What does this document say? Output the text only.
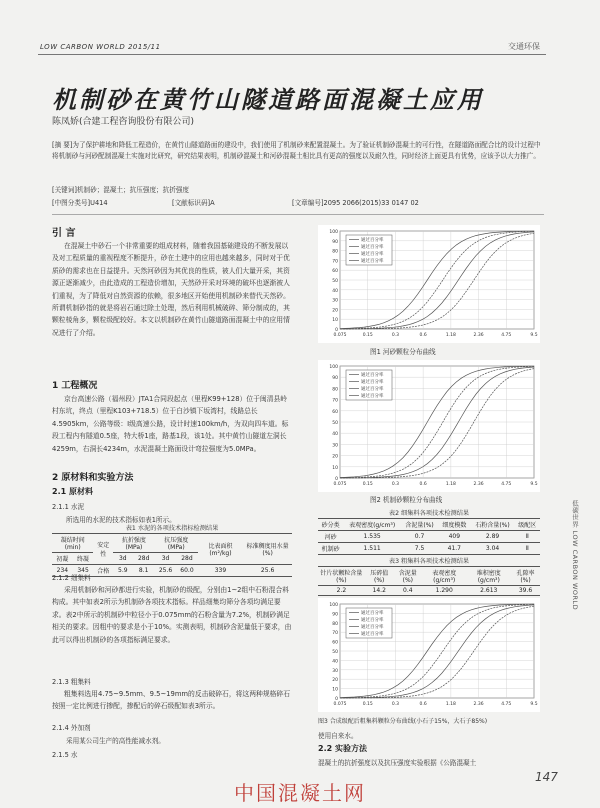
LOW CARBON WORLD 2015/11	交通环保
机制砂在黄竹山隧道路面混凝土应用
陈凤娇(合建工程咨询股份有限公司)
[摘 要]为了保护耕地和降低工程造价，在黄竹山隧道路面的建设中，我们使用了机制砂来配置混凝土。为了验证机制砂混凝土的可行性，在隧道路面配合比的设计过程中将机制砂与河砂配制混凝土实施对比研究，研究结果表明，机制砂混凝土和河砂混凝土相比具有更高的强度以及耐久性，同时经济上面更具有优势，应该予以大力推广。
[关键词]机制砂；混凝土；抗压强度；抗折强度
[中图分类号]U414	[文献标识码]A	[文章编号]2095 2066(2015)33 0147 02
引 言
在混凝土中砂石一个非常重要的组成材料，随着我国基础建设的不断发展以及对工程质量的重视程度不断提升，砂在土建中的应用也越来越多，同时对于优质砂的需求也在日益提升。天然河砂因为其优良的性质，被人们大量开采，其资源正逐渐减少，由此造成的工程造价增加，天然砂开采对环境的破坏也逐渐被人们重视，为了降低对自然资源的依赖，很多地区开始使用机制砂来替代天然砂。所谓机制砂指的就是将岩石通过除土处理，然后利用机械破碎、筛分制成的，其颗粒棱角多，颗粒级配较好。本文以机制砂在黄竹山隧道路面混凝土中的应用情况进行了介绍。
1 工程概况
京台高速公路（福州段）JTA1合同段起点（里程K99+128）位于闽清县岭村东坑，终点（里程K103+718.5）位于白沙镇下坂湾村，线路总长4.5905km，公路等级：I级高速公路，设计时速100km/h，为双向四车道。标段工程内有隧道0.5座，特大桥1座，路基1段，该1处。其中黄竹山隧道左洞长4259m，右洞长4234m，水泥混凝土路面设计弯拉强度为5.0MPa。
2 原材料和实验方法
2.1 原材料
2.1.1 水泥
所选用的水泥的技术指标如表1所示。
表1 水泥的各项技术指标检测结果
凝结时间(min)		安定性	抗折强度(MPa)		抗压强度(MPa)		比表面积(m²/kg)	标准稠度用水量(%)
初凝	终凝		3d	28d	3d	28d		
234	345	合格	5.9	8.1	25.6	60.0	339	25.6
2.1.2 细集料
采用机制砂和河砂都进行实验，机制砂的级配，分别由1~2组中石粉混合料构成。其中如表2所示为机制砂各项技术指标。样品细集均筛分各项均满足要求。表2中所示的机制砂中粒径小于0.075mm的石粉含量为7.2%，机制砂满足相关的要求。因粗中的要求是小于10%。实测表明，机制砂含泥量低于要求，由此可以得出机制砂的各项指标满足要求。
2.1.3 粗集料
粗集料选用4.75~9.5mm、9.5~19mm的反击破碎石，将这两种规格碎石按照一定比例进行掺配，掺配后的碎石级配如表3所示。
2.1.4 外加剂
采用某公司生产的高性能减水剂。
2.1.5 水
0
10
20
30
40
50
60
70
80
90
100
0.075	0.15	0.3	0.6	1.18	2.36	4.75	9.5
通过百分率
通过百分率
通过百分率
通过百分率
图1 河砂颗粒分布曲线
0
10
20
30
40
50
60
70
80
90
100
0.075	0.15	0.3	0.6	1.18	2.36	4.75	9.5
通过百分率
通过百分率
通过百分率
通过百分率
图2 机制砂颗粒分布曲线
表2 细集料各项技术检测结果
砂分类	表观密度(g/cm³)	含泥量(%)	细度模数	石粉含量(%)	级配区
河砂	1.535	0.7	409	2.89	Ⅱ
机制砂	1.511	7.5	41.7	3.04	Ⅱ
表3 粗集料各项技术检测结果
针片状颗粒含量(%)	压碎值(%)	含泥量(%)	表观密度(g/cm³)	堆积密度(g/cm³)	孔隙率(%)
2.2	14.2	0.4	1.290	2.613	39.6
0
10
20
30
40
50
60
70
80
90
100
0.075	0.15	0.3	0.6	1.18	2.36	4.75	9.5
通过百分率
通过百分率
通过百分率
通过百分率
图3 合成级配后粗集料颗粒分布曲线(小石子15%，大石子85%)
使用自来水。
2.2 实验方法
混凝土的抗折强度以及抗压强度实验根据《公路混凝土
低碳世界 LOW CARBON WORLD
147
中国混凝土网
